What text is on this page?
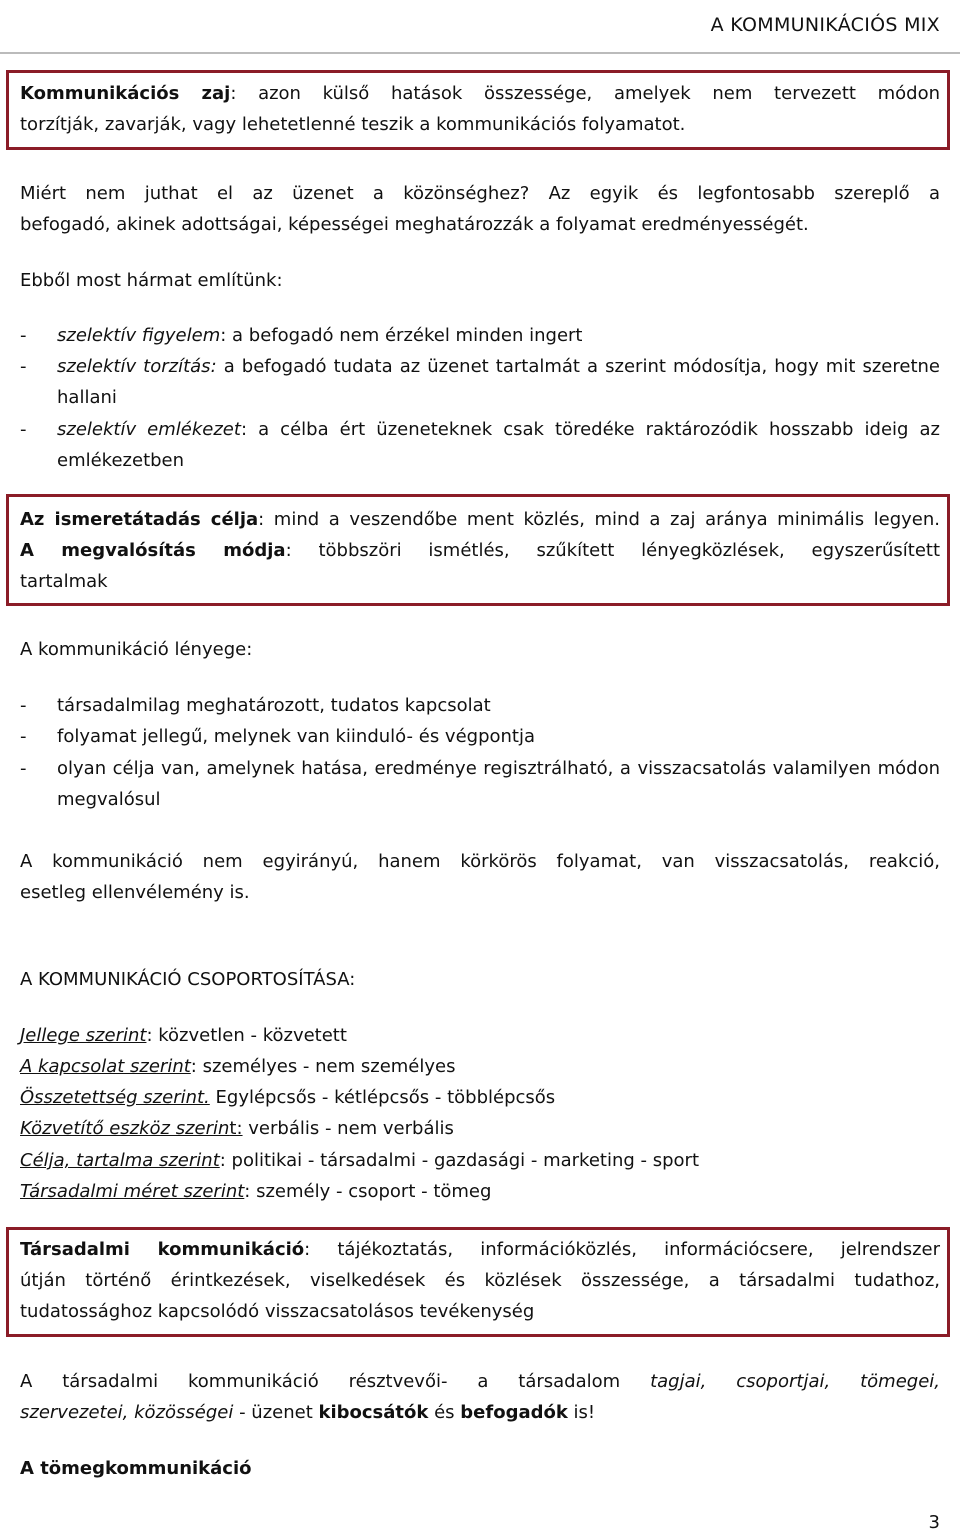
A KOMMUNIKÁCIÓS MIX
Kommunikációs zaj: azon külső hatások összessége, amelyek nem tervezett módon
torzítják, zavarják, vagy lehetetlenné teszik a kommunikációs folyamatot.
Miért nem juthat el az üzenet a közönséghez? Az egyik és legfontosabb szereplő a
befogadó, akinek adottságai, képességei meghatározzák a folyamat eredményességét.
Ebből most hármat említünk:
- szelektív figyelem: a befogadó nem érzékel minden ingert
- szelektív torzítás: a befogadó tudata az üzenet tartalmát a szerint módosítja, hogy mit szeretne hallani
- szelektív emlékezet: a célba ért üzeneteknek csak töredéke raktározódik hosszabb ideig az emlékezetben
Az ismeretátadás célja: mind a veszendőbe ment közlés, mind a zaj aránya minimális legyen.
A megvalósítás módja: többszöri ismétlés, szűkített lényegközlések, egyszerűsített
tartalmak
A kommunikáció lényege:
- társadalmilag meghatározott, tudatos kapcsolat
- folyamat jellegű, melynek van kiinduló- és végpontja
- olyan célja van, amelynek hatása, eredménye regisztrálható, a visszacsatolás valamilyen módon megvalósul
A kommunikáció nem egyirányú, hanem körkörös folyamat, van visszacsatolás, reakció,
esetleg ellenvélemény is.
A KOMMUNIKÁCIÓ CSOPORTOSÍTÁSA:
Jellege szerint: közvetlen - közvetett
A kapcsolat szerint: személyes - nem személyes
Összetettség szerint. Egylépcsős - kétlépcsős - többlépcsős
Közvetítő eszköz szerint: verbális - nem verbális
Célja, tartalma szerint: politikai - társadalmi - gazdasági - marketing - sport
Társadalmi méret szerint: személy - csoport - tömeg
Társadalmi kommunikáció: tájékoztatás, információközlés, információcsere, jelrendszer
útján történő érintkezések, viselkedések és közlések összessége, a társadalmi tudathoz,
tudatossághoz kapcsolódó visszacsatolásos tevékenység
A társadalmi kommunikáció résztvevői- a társadalom tagjai, csoportjai, tömegei,
szervezetei, közösségei - üzenet kibocsátók és befogadók is!
A tömegkommunikáció
3
